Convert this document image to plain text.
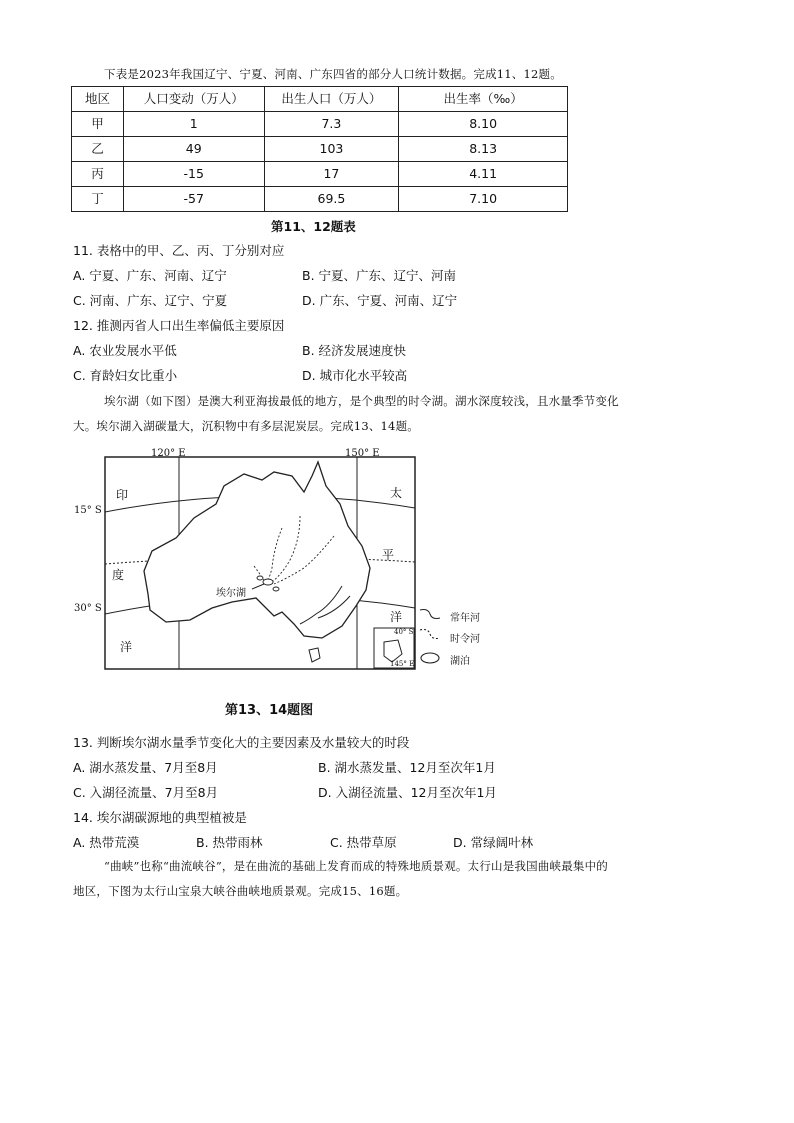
下表是2023年我国辽宁、宁夏、河南、广东四省的部分人口统计数据。完成11、12题。
地区	人口变动（万人）	出生人口（万人）	出生率（‰）
甲	1	7.3	8.10
乙	49	103	8.13
丙	-15	17	4.11
丁	-57	69.5	7.10
第11、12题表
11. 表格中的甲、乙、丙、丁分别对应
A. 宁夏、广东、河南、辽宁	B. 宁夏、广东、辽宁、河南
C. 河南、广东、辽宁、宁夏	D. 广东、宁夏、河南、辽宁
12. 推测丙省人口出生率偏低主要原因
A. 农业发展水平低	B. 经济发展速度快
C. 育龄妇女比重小	D. 城市化水平较高
埃尔湖（如下图）是澳大利亚海拔最低的地方，是个典型的时令湖。湖水深度较浅，且水量季节变化
大。埃尔湖入湖碳量大，沉积物中有多层泥炭层。完成13、14题。
120° E	150° E
15° S
30° S
印
度
洋
太
平
洋
埃尔湖
40° S
145° E
常年河
时令河
湖泊
第13、14题图
13. 判断埃尔湖水量季节变化大的主要因素及水量较大的时段
A. 湖水蒸发量、7月至8月	B. 湖水蒸发量、12月至次年1月
C. 入湖径流量、7月至8月	D. 入湖径流量、12月至次年1月
14. 埃尔湖碳源地的典型植被是
A. 热带荒漠	B. 热带雨林	C. 热带草原	D. 常绿阔叶林
“曲峡”也称“曲流峡谷”，是在曲流的基础上发育而成的特殊地质景观。太行山是我国曲峡最集中的
地区，下图为太行山宝泉大峡谷曲峡地质景观。完成15、16题。
